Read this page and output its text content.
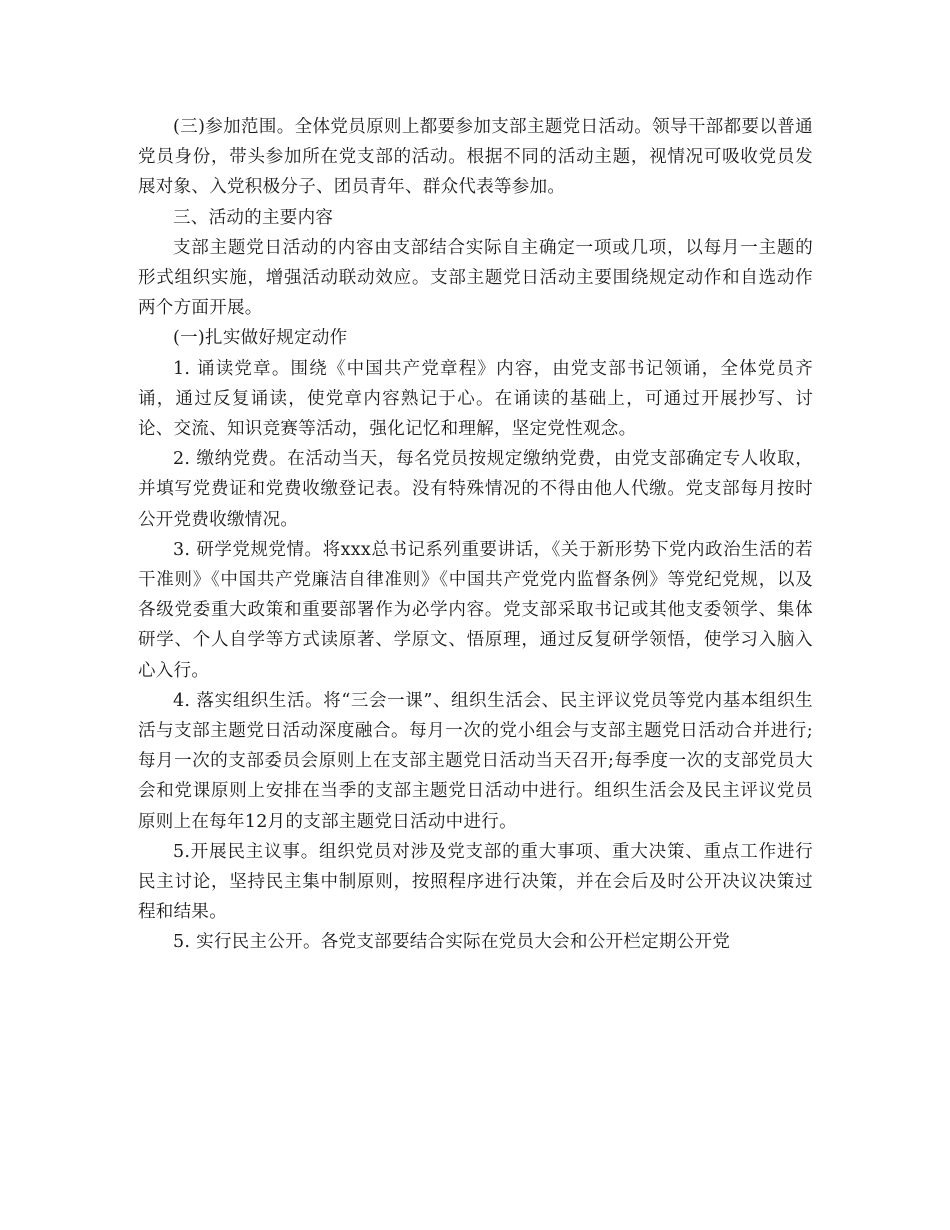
(三)参加范围。全体党员原则上都要参加支部主题党日活动。领导干部都要以普通党员身份，带头参加所在党支部的活动。根据不同的活动主题，视情况可吸收党员发展对象、入党积极分子、团员青年、群众代表等参加。

三、活动的主要内容

支部主题党日活动的内容由支部结合实际自主确定一项或几项，以每月一主题的形式组织实施，增强活动联动效应。支部主题党日活动主要围绕规定动作和自选动作两个方面开展。

(一)扎实做好规定动作

1. 诵读党章。围绕《中国共产党章程》内容，由党支部书记领诵，全体党员齐诵，通过反复诵读，使党章内容熟记于心。在诵读的基础上，可通过开展抄写、讨论、交流、知识竞赛等活动，强化记忆和理解，坚定党性观念。

2. 缴纳党费。在活动当天，每名党员按规定缴纳党费，由党支部确定专人收取，并填写党费证和党费收缴登记表。没有特殊情况的不得由他人代缴。党支部每月按时公开党费收缴情况。

3. 研学党规党情。将xxx总书记系列重要讲话，《关于新形势下党内政治生活的若干准则》《中国共产党廉洁自律准则》《中国共产党党内监督条例》等党纪党规，以及各级党委重大政策和重要部署作为必学内容。党支部采取书记或其他支委领学、集体研学、个人自学等方式读原著、学原文、悟原理，通过反复研学领悟，使学习入脑入心入行。

4. 落实组织生活。将“三会一课”、组织生活会、民主评议党员等党内基本组织生活与支部主题党日活动深度融合。每月一次的党小组会与支部主题党日活动合并进行;每月一次的支部委员会原则上在支部主题党日活动当天召开;每季度一次的支部党员大会和党课原则上安排在当季的支部主题党日活动中进行。组织生活会及民主评议党员原则上在每年12月的支部主题党日活动中进行。

5.开展民主议事。组织党员对涉及党支部的重大事项、重大决策、重点工作进行民主讨论，坚持民主集中制原则，按照程序进行决策，并在会后及时公开决议决策过程和结果。

5. 实行民主公开。各党支部要结合实际在党员大会和公开栏定期公开党
